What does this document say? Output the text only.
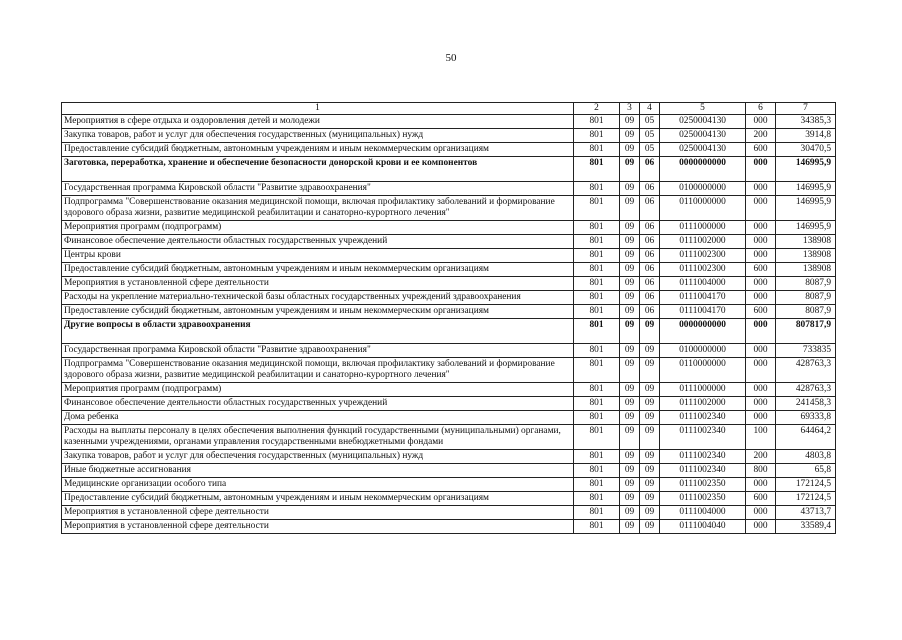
50
1	2	3	4	5	6	7
Мероприятия в сфере отдыха и оздоровления детей и молодежи	801	09	05	0250004130	000	34385,3
Закупка товаров, работ и услуг для обеспечения государственных (муниципальных) нужд	801	09	05	0250004130	200	3914,8
Предоставление субсидий бюджетным, автономным учреждениям и иным некоммерческим организациям	801	09	05	0250004130	600	30470,5
Заготовка, переработка, хранение и обеспечение безопасности донорской крови и ее компонентов	801	09	06	0000000000	000	146995,9
Государственная программа Кировской области "Развитие здравоохранения"	801	09	06	0100000000	000	146995,9
Подпрограмма "Совершенствование оказания медицинской помощи, включая профилактику заболеваний и формирование здорового образа жизни, развитие медицинской реабилитации и санаторно-курортного лечения"	801	09	06	0110000000	000	146995,9
Мероприятия программ (подпрограмм)	801	09	06	0111000000	000	146995,9
Финансовое обеспечение деятельности областных государственных учреждений	801	09	06	0111002000	000	138908
Центры крови	801	09	06	0111002300	000	138908
Предоставление субсидий бюджетным, автономным учреждениям и иным некоммерческим организациям	801	09	06	0111002300	600	138908
Мероприятия в установленной сфере деятельности	801	09	06	0111004000	000	8087,9
Расходы на укрепление материально-технической базы областных государственных учреждений здравоохранения	801	09	06	0111004170	000	8087,9
Предоставление субсидий бюджетным, автономным учреждениям и иным некоммерческим организациям	801	09	06	0111004170	600	8087,9
Другие вопросы в области здравоохранения	801	09	09	0000000000	000	807817,9
Государственная программа Кировской области "Развитие здравоохранения"	801	09	09	0100000000	000	733835
Подпрограмма "Совершенствование оказания медицинской помощи, включая профилактику заболеваний и формирование здорового образа жизни, развитие медицинской реабилитации и санаторно-курортного лечения"	801	09	09	0110000000	000	428763,3
Мероприятия программ (подпрограмм)	801	09	09	0111000000	000	428763,3
Финансовое обеспечение деятельности областных государственных учреждений	801	09	09	0111002000	000	241458,3
Дома ребенка	801	09	09	0111002340	000	69333,8
Расходы на выплаты персоналу в целях обеспечения выполнения функций государственными (муниципальными) органами, казенными учреждениями, органами управления государственными внебюджетными фондами	801	09	09	0111002340	100	64464,2
Закупка товаров, работ и услуг для обеспечения государственных (муниципальных) нужд	801	09	09	0111002340	200	4803,8
Иные бюджетные ассигнования	801	09	09	0111002340	800	65,8
Медицинские организации особого типа	801	09	09	0111002350	000	172124,5
Предоставление субсидий бюджетным, автономным учреждениям и иным некоммерческим организациям	801	09	09	0111002350	600	172124,5
Мероприятия в установленной сфере деятельности	801	09	09	0111004000	000	43713,7
Мероприятия в установленной сфере деятельности	801	09	09	0111004040	000	33589,4
